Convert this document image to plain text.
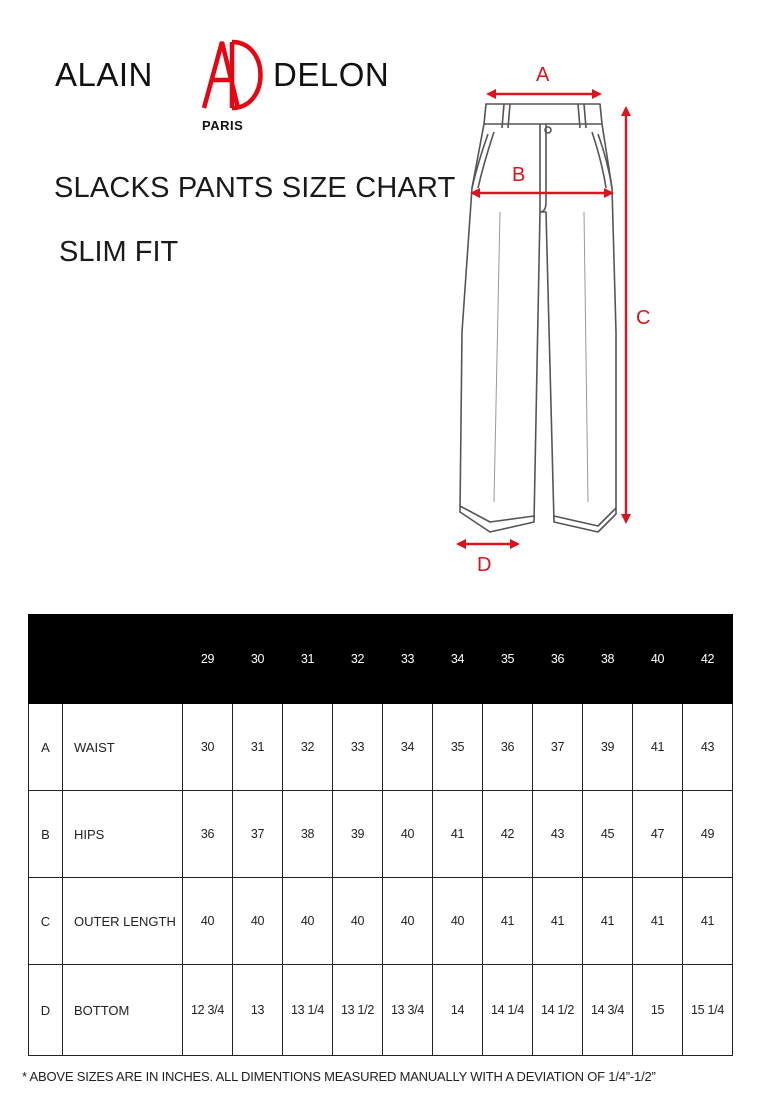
ALAIN	DELON
PARIS
SLACKS PANTS SIZE CHART
SLIM FIT
A
B
C
D
		29	30	31	32	33	34	35	36	38	40	42
A	WAIST	30	31	32	33	34	35	36	37	39	41	43
B	HIPS	36	37	38	39	40	41	42	43	45	47	49
C	OUTER LENGTH	40	40	40	40	40	40	41	41	41	41	41
D	BOTTOM	12 3/4	13	13 1/4	13 1/2	13 3/4	14	14 1/4	14 1/2	14 3/4	15	15 1/4
* ABOVE SIZES ARE IN INCHES. ALL DIMENTIONS MEASURED MANUALLY WITH A DEVIATION OF 1/4”-1/2”
